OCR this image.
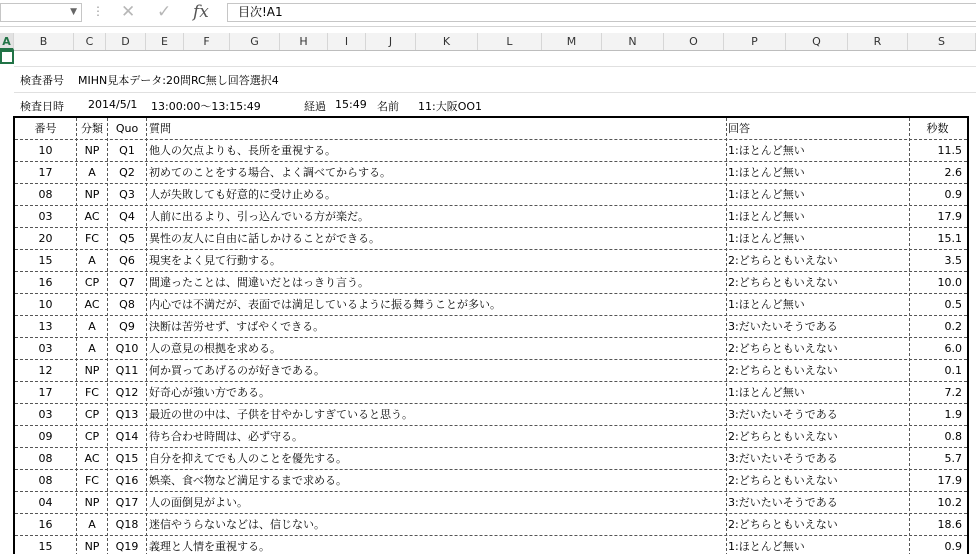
▼ ⋮ ✕ ✓ fx	目次!A1
A	B	C	D	E	F	G	H	I	J	K	L	M	N	O	P	Q	R	S
検査番号 MIHN見本データ:20問RC無し回答選択4
検査日時 2014/5/1 13:00:00～13:15:49	経過 15:49 名前 11:大阪OO1
番号	分類	Quo 質問	回答	秒数
10	NP	Q1	他人の欠点よりも、長所を重視する。	1:ほとんど無い	11.5
17	A	Q2	初めてのことをする場合、よく調べてからする。	1:ほとんど無い	2.6
08	NP	Q3	人が失敗しても好意的に受け止める。	1:ほとんど無い	0.9
03	AC	Q4	人前に出るより、引っ込んでいる方が楽だ。	1:ほとんど無い	17.9
20	FC	Q5	異性の友人に自由に話しかけることができる。	1:ほとんど無い	15.1
15	A	Q6	現実をよく見て行動する。	2:どちらともいえない	3.5
16	CP	Q7	間違ったことは、間違いだとはっきり言う。	2:どちらともいえない	10.0
10	AC	Q8	内心では不満だが、表面では満足しているように振る舞うことが多い。	1:ほとんど無い	0.5
13	A	Q9	決断は苦労せず、すばやくできる。	3:だいたいそうである	0.2
03	A	Q10 人の意見の根拠を求める。	2:どちらともいえない	6.0
12	NP	Q11 何か買ってあげるのが好きである。	2:どちらともいえない	0.1
17	FC	Q12 好奇心が強い方である。	1:ほとんど無い	7.2
03	CP	Q13 最近の世の中は、子供を甘やかしすぎていると思う。	3:だいたいそうである	1.9
09	CP	Q14 待ち合わせ時間は、必ず守る。	2:どちらともいえない	0.8
08	AC	Q15 自分を抑えてでも人のことを優先する。	3:だいたいそうである	5.7
08	FC	Q16 娯楽、食べ物など満足するまで求める。	2:どちらともいえない	17.9
04	NP	Q17 人の面倒見がよい。	3:だいたいそうである	10.2
16	A	Q18 迷信やうらないなどは、信じない。	2:どちらともいえない	18.6
15	NP	Q19 義理と人情を重視する。	1:ほとんど無い	0.9
